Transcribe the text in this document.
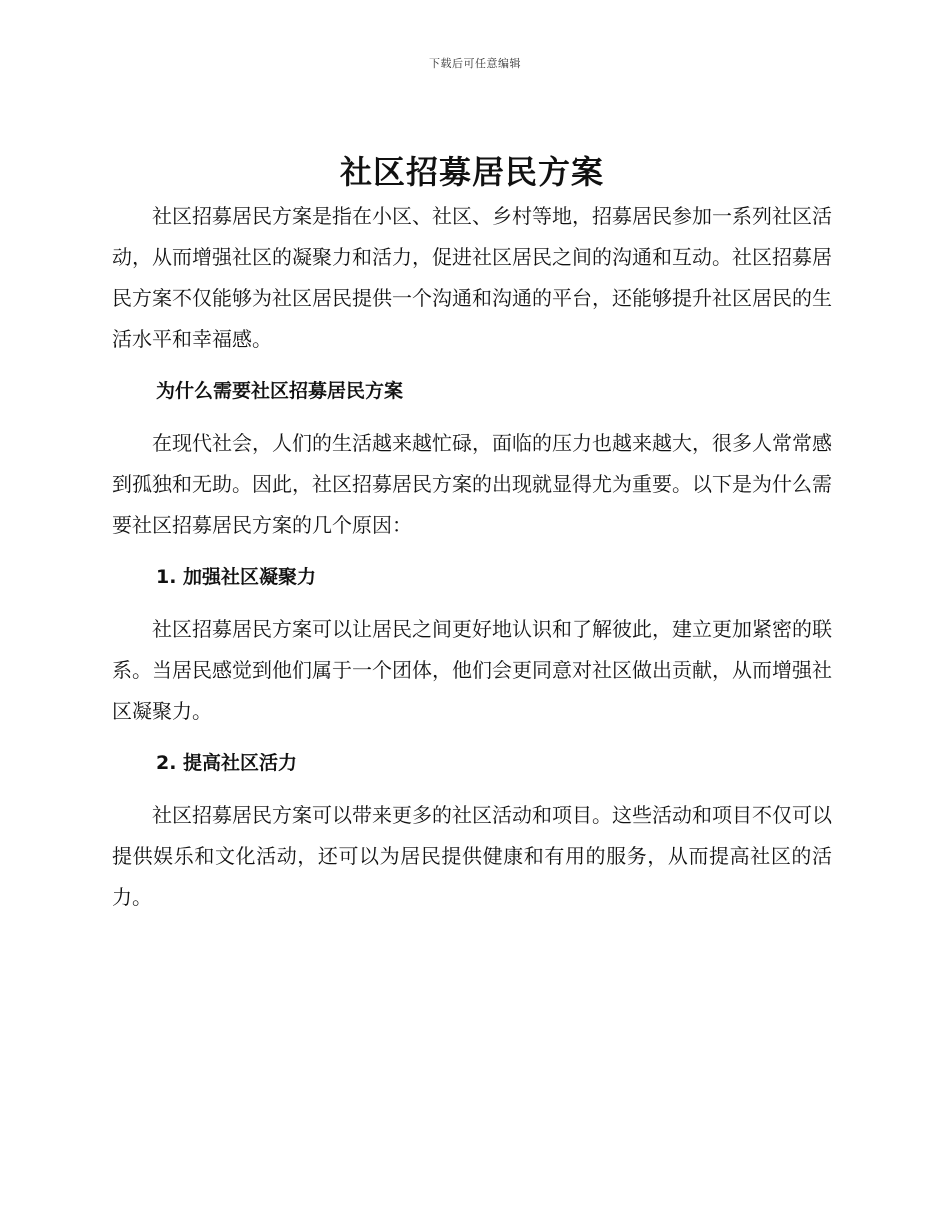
下载后可任意编辑
社区招募居民方案

社区招募居民方案是指在小区、社区、乡村等地，招募居民参加一系列社区活动，从而增强社区的凝聚力和活力，促进社区居民之间的沟通和互动。社区招募居民方案不仅能够为社区居民提供一个沟通和沟通的平台，还能够提升社区居民的生活水平和幸福感。

为什么需要社区招募居民方案

在现代社会，人们的生活越来越忙碌，面临的压力也越来越大，很多人常常感到孤独和无助。因此，社区招募居民方案的出现就显得尤为重要。以下是为什么需要社区招募居民方案的几个原因：

1. 加强社区凝聚力

社区招募居民方案可以让居民之间更好地认识和了解彼此，建立更加紧密的联系。当居民感觉到他们属于一个团体，他们会更同意对社区做出贡献，从而增强社区凝聚力。

2. 提高社区活力

社区招募居民方案可以带来更多的社区活动和项目。这些活动和项目不仅可以提供娱乐和文化活动，还可以为居民提供健康和有用的服务，从而提高社区的活力。
